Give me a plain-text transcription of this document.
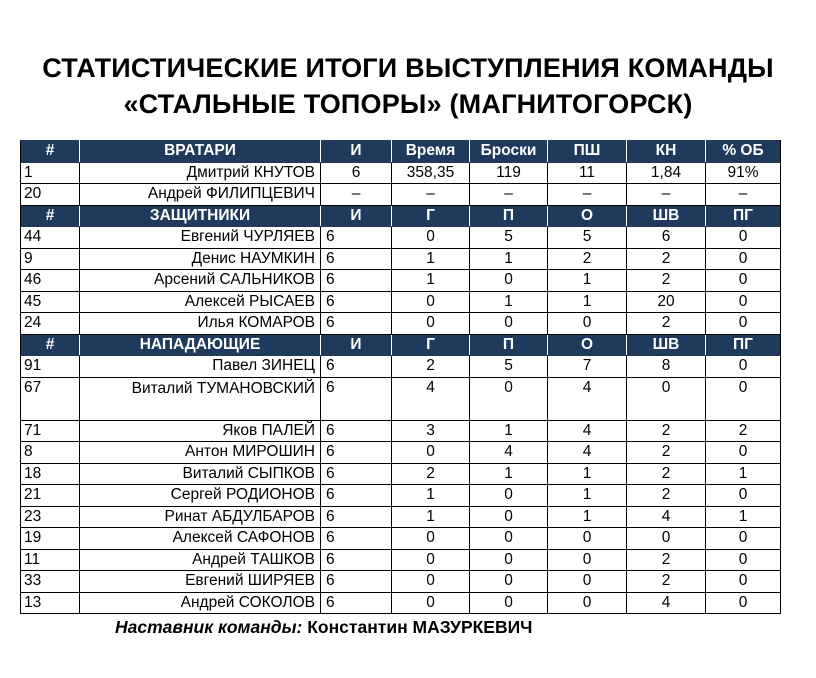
СТАТИСТИЧЕСКИЕ ИТОГИ ВЫСТУПЛЕНИЯ КОМАНДЫ
«СТАЛЬНЫЕ ТОПОРЫ» (МАГНИТОГОРСК)
#	ВРАТАРИ	И	Время	Броски	ПШ	КН	% ОБ
1	Дмитрий КНУТОВ	6	358,35	119	11	1,84	91%
20	Андрей ФИЛИПЦЕВИЧ	–	–	–	–	–	–
#	ЗАЩИТНИКИ	И	Г	П	О	ШВ	ПГ
44	Евгений ЧУРЛЯЕВ	6	0	5	5	6	0
9	Денис НАУМКИН	6	1	1	2	2	0
46	Арсений САЛЬНИКОВ	6	1	0	1	2	0
45	Алексей РЫСАЕВ	6	0	1	1	20	0
24	Илья КОМАРОВ	6	0	0	0	2	0
#	НАПАДАЮЩИЕ	И	Г	П	О	ШВ	ПГ
91	Павел ЗИНЕЦ	6	2	5	7	8	0
67	Виталий ТУМАНОВСКИЙ	6	4	0	4	0	0
71	Яков ПАЛЕЙ	6	3	1	4	2	2
8	Антон МИРОШИН	6	0	4	4	2	0
18	Виталий СЫПКОВ	6	2	1	1	2	1
21	Сергей РОДИОНОВ	6	1	0	1	2	0
23	Ринат АБДУЛБАРОВ	6	1	0	1	4	1
19	Алексей САФОНОВ	6	0	0	0	0	0
11	Андрей ТАШКОВ	6	0	0	0	2	0
33	Евгений ШИРЯЕВ	6	0	0	0	2	0
13	Андрей СОКОЛОВ	6	0	0	0	4	0
Наставник команды: Константин МАЗУРКЕВИЧ
